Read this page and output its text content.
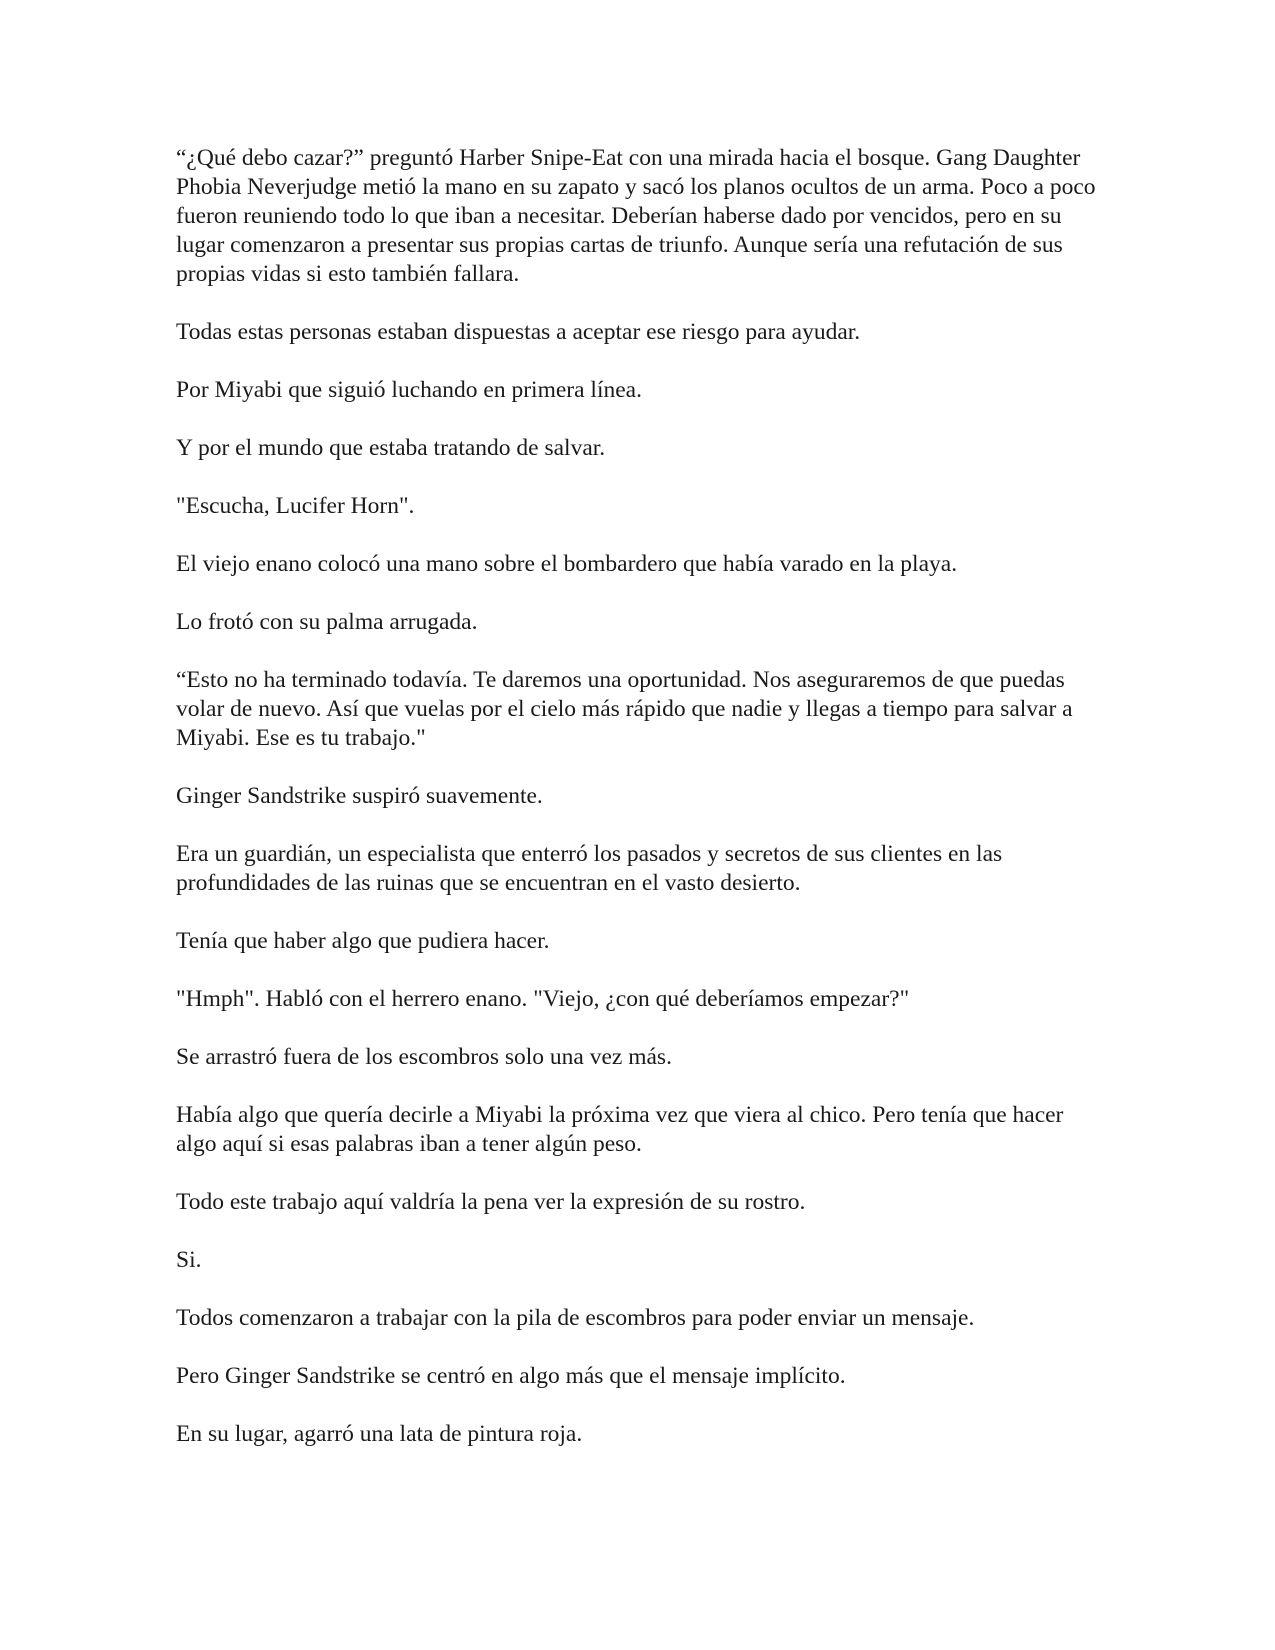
“¿Qué debo cazar?” preguntó Harber Snipe-Eat con una mirada hacia el bosque. Gang Daughter Phobia Neverjudge metió la mano en su zapato y sacó los planos ocultos de un arma. Poco a poco fueron reuniendo todo lo que iban a necesitar. Deberían haberse dado por vencidos, pero en su lugar comenzaron a presentar sus propias cartas de triunfo. Aunque sería una refutación de sus propias vidas si esto también fallara.

Todas estas personas estaban dispuestas a aceptar ese riesgo para ayudar.

Por Miyabi que siguió luchando en primera línea.

Y por el mundo que estaba tratando de salvar.

"Escucha, Lucifer Horn".

El viejo enano colocó una mano sobre el bombardero que había varado en la playa.

Lo frotó con su palma arrugada.

“Esto no ha terminado todavía. Te daremos una oportunidad. Nos aseguraremos de que puedas volar de nuevo. Así que vuelas por el cielo más rápido que nadie y llegas a tiempo para salvar a Miyabi. Ese es tu trabajo."

Ginger Sandstrike suspiró suavemente.

Era un guardián, un especialista que enterró los pasados y secretos de sus clientes en las profundidades de las ruinas que se encuentran en el vasto desierto.

Tenía que haber algo que pudiera hacer.

"Hmph". Habló con el herrero enano. "Viejo, ¿con qué deberíamos empezar?"

Se arrastró fuera de los escombros solo una vez más.

Había algo que quería decirle a Miyabi la próxima vez que viera al chico. Pero tenía que hacer algo aquí si esas palabras iban a tener algún peso.

Todo este trabajo aquí valdría la pena ver la expresión de su rostro.

Si.

Todos comenzaron a trabajar con la pila de escombros para poder enviar un mensaje.

Pero Ginger Sandstrike se centró en algo más que el mensaje implícito.

En su lugar, agarró una lata de pintura roja.
